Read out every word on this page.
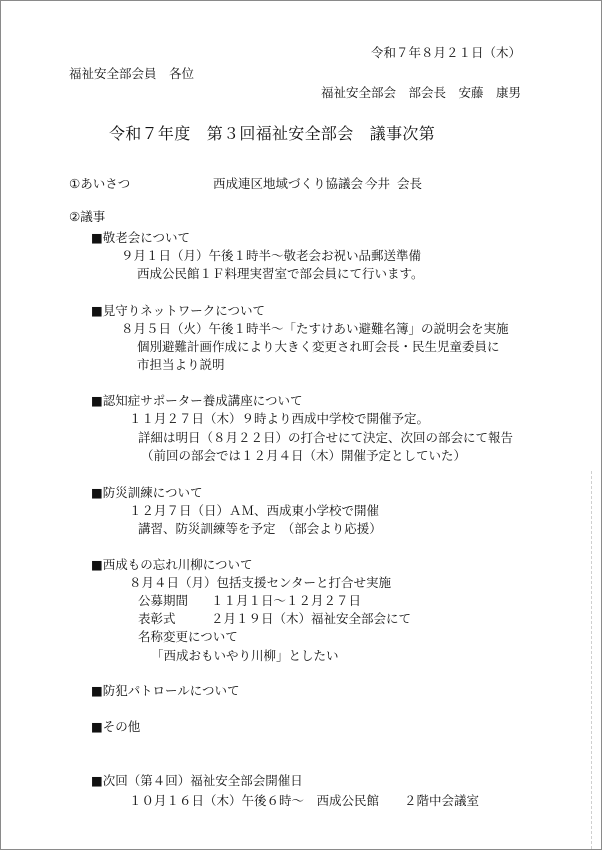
令和７年８月２１日（木）
福祉安全部会員　各位
福祉安全部会　部会長　安藤　康男
令和７年度　第３回福祉安全部会　議事次第
①あいさつ	西成連区地域づくり協議会 今井 会長
②議事
■敬老会について
９月１日（月）午後１時半～敬老会お祝い品郵送準備
西成公民館１Ｆ料理実習室で部会員にて行います。
■見守りネットワークについて
８月５日（火）午後１時半～「たすけあい避難名簿」の説明会を実施
個別避難計画作成により大きく変更され町会長・民生児童委員に
市担当より説明
■認知症サポーター養成講座について
１１月２７日（木）９時より西成中学校で開催予定。
詳細は明日（８月２２日）の打合せにて決定、次回の部会にて報告
（前回の部会では１２月４日（木）開催予定としていた）
■防災訓練について
１２月７日（日）ＡＭ、西成東小学校で開催
講習、防災訓練等を予定　（部会より応援）
■西成もの忘れ川柳について
８月４日（月）包括支援センターと打合せ実施
公募期間 １１月１日～１２月２７日
表彰式	２月１９日（木）福祉安全部会にて
名称変更について
「西成おもいやり川柳」としたい
■防犯パトロールについて
■その他
■次回（第４回）福祉安全部会開催日
１０月１６日（木）午後６時～　西成公民館　　２階中会議室
